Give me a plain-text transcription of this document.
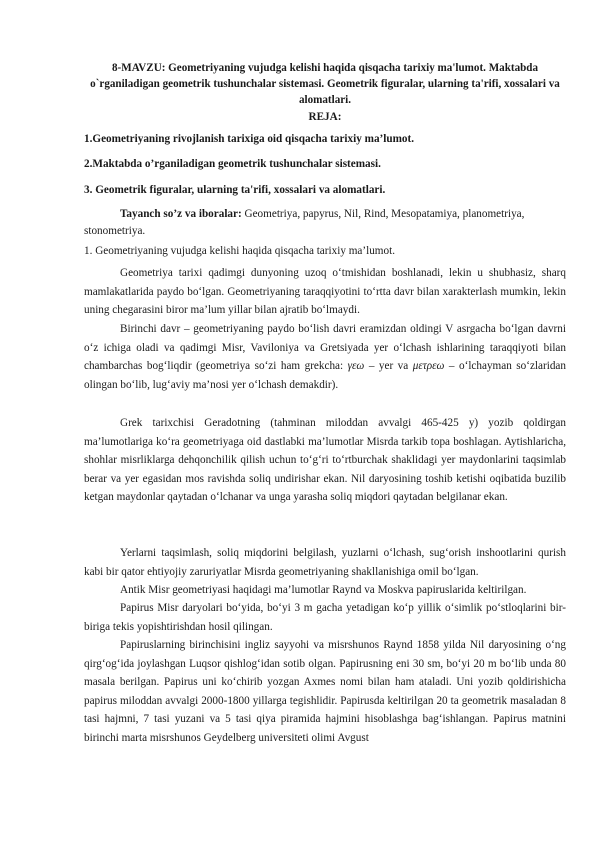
8-MAVZU: Geometriyaning vujudga kelishi haqida qisqacha tarixiy ma'lumot. Maktabda o`rganiladigan geometrik tushunchalar sistemasi. Geometrik figuralar, ularning ta'rifi, xossalari va alomatlari.

REJA:

1.Geometriyaning rivojlanish tarixiga oid qisqacha tarixiy ma’lumot.

2.Maktabda o’rganiladigan geometrik tushunchalar sistemasi.

3. Geometrik figuralar, ularning ta'rifi, xossalari va alomatlari.

Tayanch so’z va iboralar: Geometriya, papyrus, Nil, Rind, Mesopatamiya, planometriya, stonometriya.

1. Geometriyaning vujudga kelishi haqida qisqacha tarixiy ma’lumot.

Geometriya tarixi qadimgi dunyoning uzoq o‘tmishidan boshlanadi, lekin u shubhasiz, sharq mamlakatlarida paydo bo‘lgan. Geometriyaning taraqqiyotini to‘rtta davr bilan xarakterlash mumkin, lekin uning chegarasini biror ma’lum yillar bilan ajratib bo‘lmaydi.

Birinchi davr – geometriyaning paydo bo‘lish davri eramizdan oldingi V asrgacha bo‘lgan davrni o‘z ichiga oladi va qadimgi Misr, Vaviloniya va Gretsiyada yer o‘lchash ishlarining taraqqiyoti bilan chambarchas bog‘liqdir (geometriya so‘zi ham grekcha: γεω – yer va μετρεω – o‘lchayman so‘zlaridan olingan bo‘lib, lug‘aviy ma’nosi yer o‘lchash demakdir).

Grek tarixchisi Geradotning (tahminan miloddan avvalgi 465-425 y) yozib qoldirgan ma’lumotlariga ko‘ra geometriyaga oid dastlabki ma’lumotlar Misrda tarkib topa boshlagan. Aytishlaricha, shohlar misrliklarga dehqonchilik qilish uchun to‘g‘ri to‘rtburchak shaklidagi yer maydonlarini taqsimlab berar va yer egasidan mos ravishda soliq undirishar ekan. Nil daryosining toshib ketishi oqibatida buzilib ketgan maydonlar qaytadan o‘lchanar va unga yarasha soliq miqdori qaytadan belgilanar ekan.

Yerlarni taqsimlash, soliq miqdorini belgilash, yuzlarni o‘lchash, sug‘orish inshootlarini qurish kabi bir qator ehtiyojiy zaruriyatlar Misrda geometriyaning shakllanishiga omil bo‘lgan.

Antik Misr geometriyasi haqidagi ma’lumotlar Raynd va Moskva papiruslarida keltirilgan.

Papirus Misr daryolari bo‘yida, bo‘yi 3 m gacha yetadigan ko‘p yillik o‘simlik po‘stloqlarini bir-biriga tekis yopishtirishdan hosil qilingan.

Papiruslarning birinchisini ingliz sayyohi va misrshunos Raynd 1858 yilda Nil daryosining o‘ng qirg‘og‘ida joylashgan Luqsor qishlog‘idan sotib olgan. Papirusning eni 30 sm, bo‘yi 20 m bo‘lib unda 80 masala berilgan. Papirus uni ko‘chirib yozgan Axmes nomi bilan ham ataladi. Uni yozib qoldirishicha papirus miloddan avvalgi 2000-1800 yillarga tegishlidir. Papirusda keltirilgan 20 ta geometrik masaladan 8 tasi hajmni, 7 tasi yuzani va 5 tasi qiya piramida hajmini hisoblashga bag‘ishlangan. Papirus matnini birinchi marta misrshunos Geydelberg universiteti olimi Avgust
